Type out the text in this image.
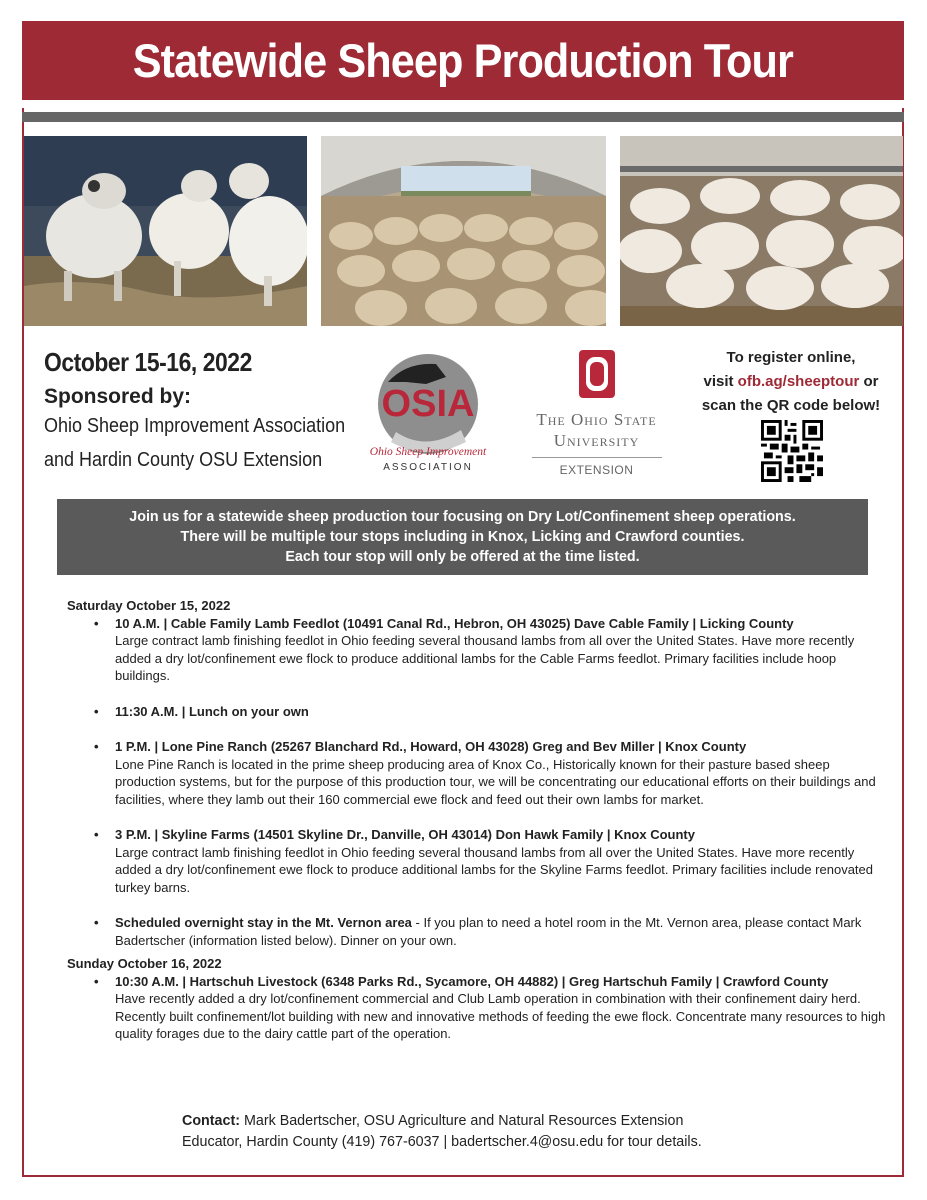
Statewide Sheep Production Tour
October 15-16, 2022
Sponsored by:
Ohio Sheep Improvement Association
and Hardin County OSU Extension
OSIA
Ohio Sheep Improvement
ASSOCIATION
The Ohio State
University
EXTENSION
To register online,
visit ofb.ag/sheeptour or
scan the QR code below!
Join us for a statewide sheep production tour focusing on Dry Lot/Confinement sheep operations.
There will be multiple tour stops including in Knox, Licking and Crawford counties.
Each tour stop will only be offered at the time listed.
Saturday October 15, 2022
• 10 A.M. | Cable Family Lamb Feedlot (10491 Canal Rd., Hebron, OH 43025) Dave Cable Family | Licking County
Large contract lamb finishing feedlot in Ohio feeding several thousand lambs from all over the United States. Have more recently added a dry lot/confinement ewe flock to produce additional lambs for the Cable Farms feedlot. Primary facilities include hoop buildings.
• 11:30 A.M. | Lunch on your own
• 1 P.M. | Lone Pine Ranch (25267 Blanchard Rd., Howard, OH 43028) Greg and Bev Miller | Knox County
Lone Pine Ranch is located in the prime sheep producing area of Knox Co., Historically known for their pasture based sheep production systems, but for the purpose of this production tour, we will be concentrating our educational efforts on their buildings and facilities, where they lamb out their 160 commercial ewe flock and feed out their own lambs for market.
• 3 P.M. | Skyline Farms (14501 Skyline Dr., Danville, OH 43014) Don Hawk Family | Knox County
Large contract lamb finishing feedlot in Ohio feeding several thousand lambs from all over the United States. Have more recently added a dry lot/confinement ewe flock to produce additional lambs for the Skyline Farms feedlot. Primary facilities include renovated turkey barns.
• Scheduled overnight stay in the Mt. Vernon area - If you plan to need a hotel room in the Mt. Vernon area, please contact Mark Badertscher (information listed below). Dinner on your own.
Sunday October 16, 2022
• 10:30 A.M. | Hartschuh Livestock (6348 Parks Rd., Sycamore, OH 44882) | Greg Hartschuh Family | Crawford County
Have recently added a dry lot/confinement commercial and Club Lamb operation in combination with their confinement dairy herd. Recently built confinement/lot building with new and innovative methods of feeding the ewe flock. Concentrate many resources to high quality forages due to the dairy cattle part of the operation.
Contact: Mark Badertscher, OSU Agriculture and Natural Resources Extension
Educator, Hardin County (419) 767-6037 | badertscher.4@osu.edu for tour details.
